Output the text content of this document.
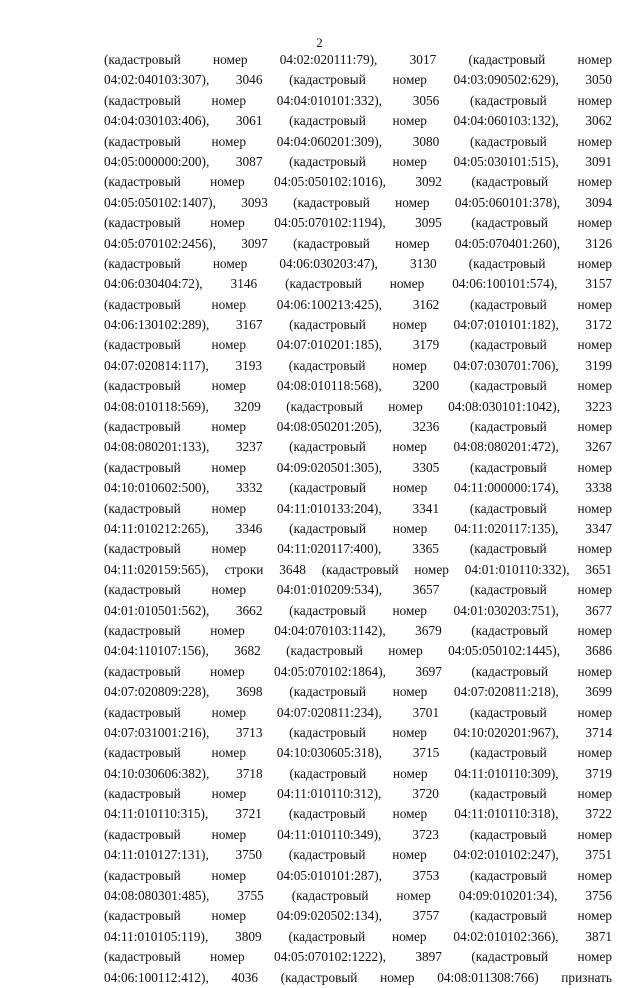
2
(кадастровый номер 04:02:020111:79), 3017 (кадастровый номер
04:02:040103:307), 3046 (кадастровый номер 04:03:090502:629), 3050
(кадастровый номер 04:04:010101:332), 3056 (кадастровый номер
04:04:030103:406), 3061 (кадастровый номер 04:04:060103:132), 3062
(кадастровый номер 04:04:060201:309), 3080 (кадастровый номер
04:05:000000:200), 3087 (кадастровый номер 04:05:030101:515), 3091
(кадастровый номер 04:05:050102:1016), 3092 (кадастровый номер
04:05:050102:1407), 3093 (кадастровый номер 04:05:060101:378), 3094
(кадастровый номер 04:05:070102:1194), 3095 (кадастровый номер
04:05:070102:2456), 3097 (кадастровый номер 04:05:070401:260), 3126
(кадастровый номер 04:06:030203:47), 3130 (кадастровый номер
04:06:030404:72), 3146 (кадастровый номер 04:06:100101:574), 3157
(кадастровый номер 04:06:100213:425), 3162 (кадастровый номер
04:06:130102:289), 3167 (кадастровый номер 04:07:010101:182), 3172
(кадастровый номер 04:07:010201:185), 3179 (кадастровый номер
04:07:020814:117), 3193 (кадастровый номер 04:07:030701:706), 3199
(кадастровый номер 04:08:010118:568), 3200 (кадастровый номер
04:08:010118:569), 3209 (кадастровый номер 04:08:030101:1042), 3223
(кадастровый номер 04:08:050201:205), 3236 (кадастровый номер
04:08:080201:133), 3237 (кадастровый номер 04:08:080201:472), 3267
(кадастровый номер 04:09:020501:305), 3305 (кадастровый номер
04:10:010602:500), 3332 (кадастровый номер 04:11:000000:174), 3338
(кадастровый номер 04:11:010133:204), 3341 (кадастровый номер
04:11:010212:265), 3346 (кадастровый номер 04:11:020117:135), 3347
(кадастровый номер 04:11:020117:400), 3365 (кадастровый номер
04:11:020159:565), строки 3648 (кадастровый номер 04:01:010110:332), 3651
(кадастровый номер 04:01:010209:534), 3657 (кадастровый номер
04:01:010501:562), 3662 (кадастровый номер 04:01:030203:751), 3677
(кадастровый номер 04:04:070103:1142), 3679 (кадастровый номер
04:04:110107:156), 3682 (кадастровый номер 04:05:050102:1445), 3686
(кадастровый номер 04:05:070102:1864), 3697 (кадастровый номер
04:07:020809:228), 3698 (кадастровый номер 04:07:020811:218), 3699
(кадастровый номер 04:07:020811:234), 3701 (кадастровый номер
04:07:031001:216), 3713 (кадастровый номер 04:10:020201:967), 3714
(кадастровый номер 04:10:030605:318), 3715 (кадастровый номер
04:10:030606:382), 3718 (кадастровый номер 04:11:010110:309), 3719
(кадастровый номер 04:11:010110:312), 3720 (кадастровый номер
04:11:010110:315), 3721 (кадастровый номер 04:11:010110:318), 3722
(кадастровый номер 04:11:010110:349), 3723 (кадастровый номер
04:11:010127:131), 3750 (кадастровый номер 04:02:010102:247), 3751
(кадастровый номер 04:05:010101:287), 3753 (кадастровый номер
04:08:080301:485), 3755 (кадастровый номер 04:09:010201:34), 3756
(кадастровый номер 04:09:020502:134), 3757 (кадастровый номер
04:11:010105:119), 3809 (кадастровый номер 04:02:010102:366), 3871
(кадастровый номер 04:05:070102:1222), 3897 (кадастровый номер
04:06:100112:412), 4036 (кадастровый номер 04:08:011308:766) признать
